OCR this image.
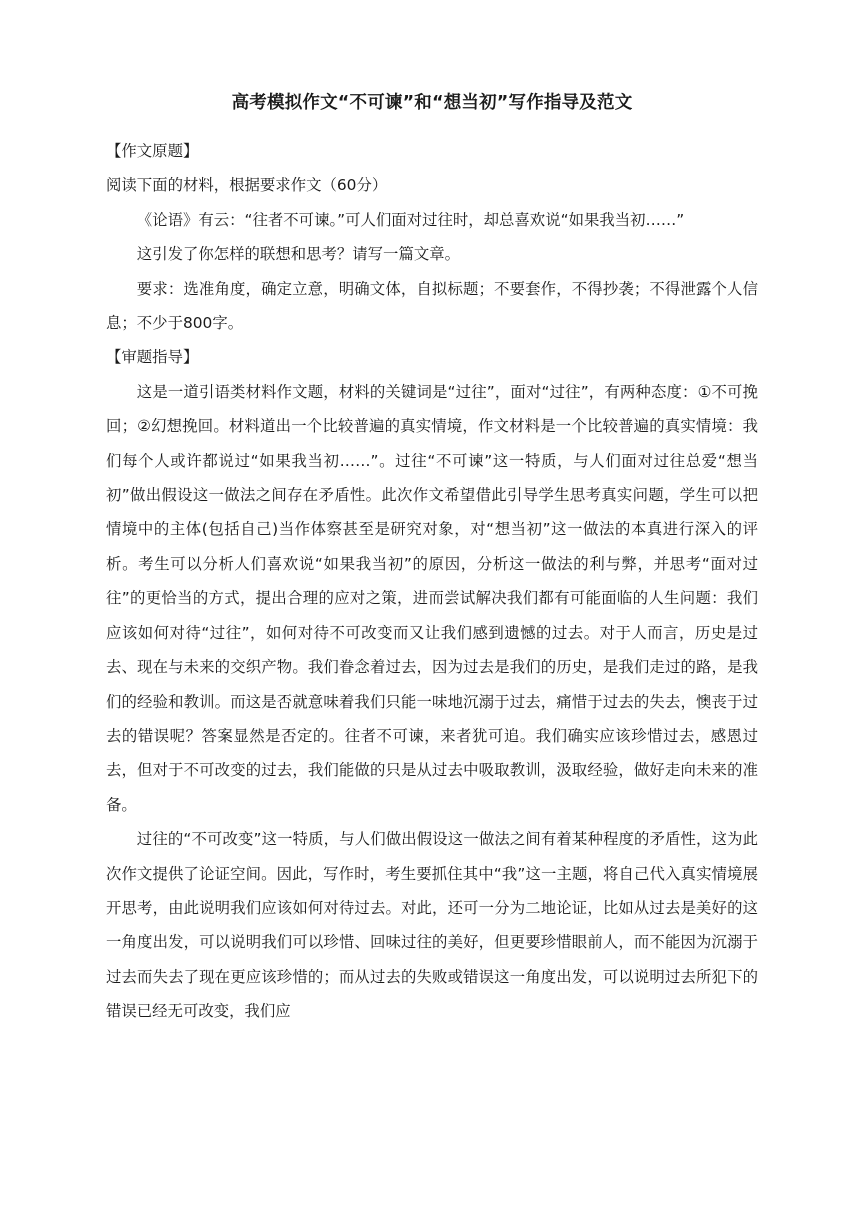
高考模拟作文“不可谏”和“想当初”写作指导及范文

【作文原题】

阅读下面的材料，根据要求作文（60分）

《论语》有云：“往者不可谏。”可人们面对过往时，却总喜欢说“如果我当初……”

这引发了你怎样的联想和思考？请写一篇文章。

要求：选准角度，确定立意，明确文体，自拟标题；不要套作，不得抄袭；不得泄露个人信息；不少于800字。

【审题指导】

这是一道引语类材料作文题，材料的关键词是“过往”，面对“过往”，有两种态度：①不可挽回；②幻想挽回。材料道出一个比较普遍的真实情境，作文材料是一个比较普遍的真实情境：我们每个人或许都说过“如果我当初……”。过往“不可谏”这一特质，与人们面对过往总爱“想当初”做出假设这一做法之间存在矛盾性。此次作文希望借此引导学生思考真实问题，学生可以把情境中的主体(包括自己)当作体察甚至是研究对象，对“想当初”这一做法的本真进行深入的评析。考生可以分析人们喜欢说“如果我当初”的原因，分析这一做法的利与弊，并思考“面对过往”的更恰当的方式，提出合理的应对之策，进而尝试解决我们都有可能面临的人生问题：我们应该如何对待“过往”，如何对待不可改变而又让我们感到遗憾的过去。对于人而言，历史是过去、现在与未来的交织产物。我们眷念着过去，因为过去是我们的历史，是我们走过的路，是我们的经验和教训。而这是否就意味着我们只能一味地沉溺于过去，痛惜于过去的失去，懊丧于过去的错误呢？答案显然是否定的。往者不可谏，来者犹可追。我们确实应该珍惜过去，感恩过去，但对于不可改变的过去，我们能做的只是从过去中吸取教训，汲取经验，做好走向未来的准备。

过往的“不可改变”这一特质，与人们做出假设这一做法之间有着某种程度的矛盾性，这为此次作文提供了论证空间。因此，写作时，考生要抓住其中“我”这一主题，将自己代入真实情境展开思考，由此说明我们应该如何对待过去。对此，还可一分为二地论证，比如从过去是美好的这一角度出发，可以说明我们可以珍惜、回味过往的美好，但更要珍惜眼前人，而不能因为沉溺于过去而失去了现在更应该珍惜的；而从过去的失败或错误这一角度出发，可以说明过去所犯下的错误已经无可改变，我们应
